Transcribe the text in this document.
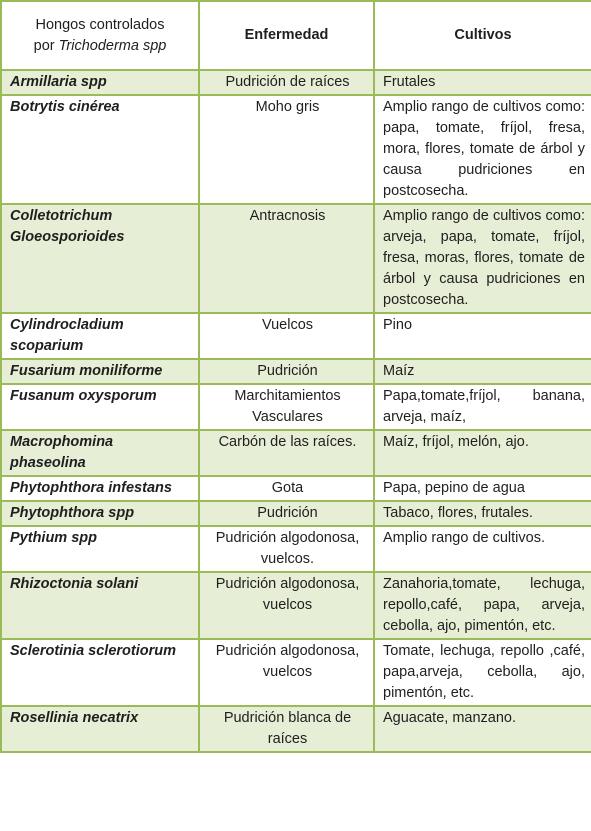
Hongos controlados
por Trichoderma spp	Enfermedad	Cultivos
Armillaria spp	Pudrición de raíces	Frutales
Botrytis cinérea	Moho gris	Amplio rango de cultivos como: papa, tomate, fríjol, fresa, mora, flores, tomate de árbol y causa pudriciones en postcosecha.
Colletotrichum Gloeosporioides	Antracnosis	Amplio rango de cultivos como: arveja, papa, tomate, fríjol, fresa, moras, flores, tomate de árbol y causa pudriciones en postcosecha.
Cylindrocladium scoparium	Vuelcos	Pino
Fusarium moniliforme	Pudrición	Maíz
Fusanum oxysporum	Marchitamientos Vasculares	Papa,tomate,fríjol, banana, arveja, maíz,
Macrophomina phaseolina	Carbón de las raíces.	Maíz, fríjol, melón, ajo.
Phytophthora infestans	Gota	Papa, pepino de agua
Phytophthora spp	Pudrición	Tabaco, flores, frutales.
Pythium spp	Pudrición algodonosa, vuelcos.	Amplio rango de cultivos.
Rhizoctonia solani	Pudrición algodonosa, vuelcos	Zanahoria,tomate, lechuga, repollo,café, papa, arveja, cebolla, ajo, pimentón, etc.
Sclerotinia sclerotiorum	Pudrición algodonosa, vuelcos	Tomate, lechuga, repollo ,café, papa,arveja, cebolla, ajo, pimentón, etc.
Rosellinia necatrix	Pudrición blanca de raíces	Aguacate, manzano.
